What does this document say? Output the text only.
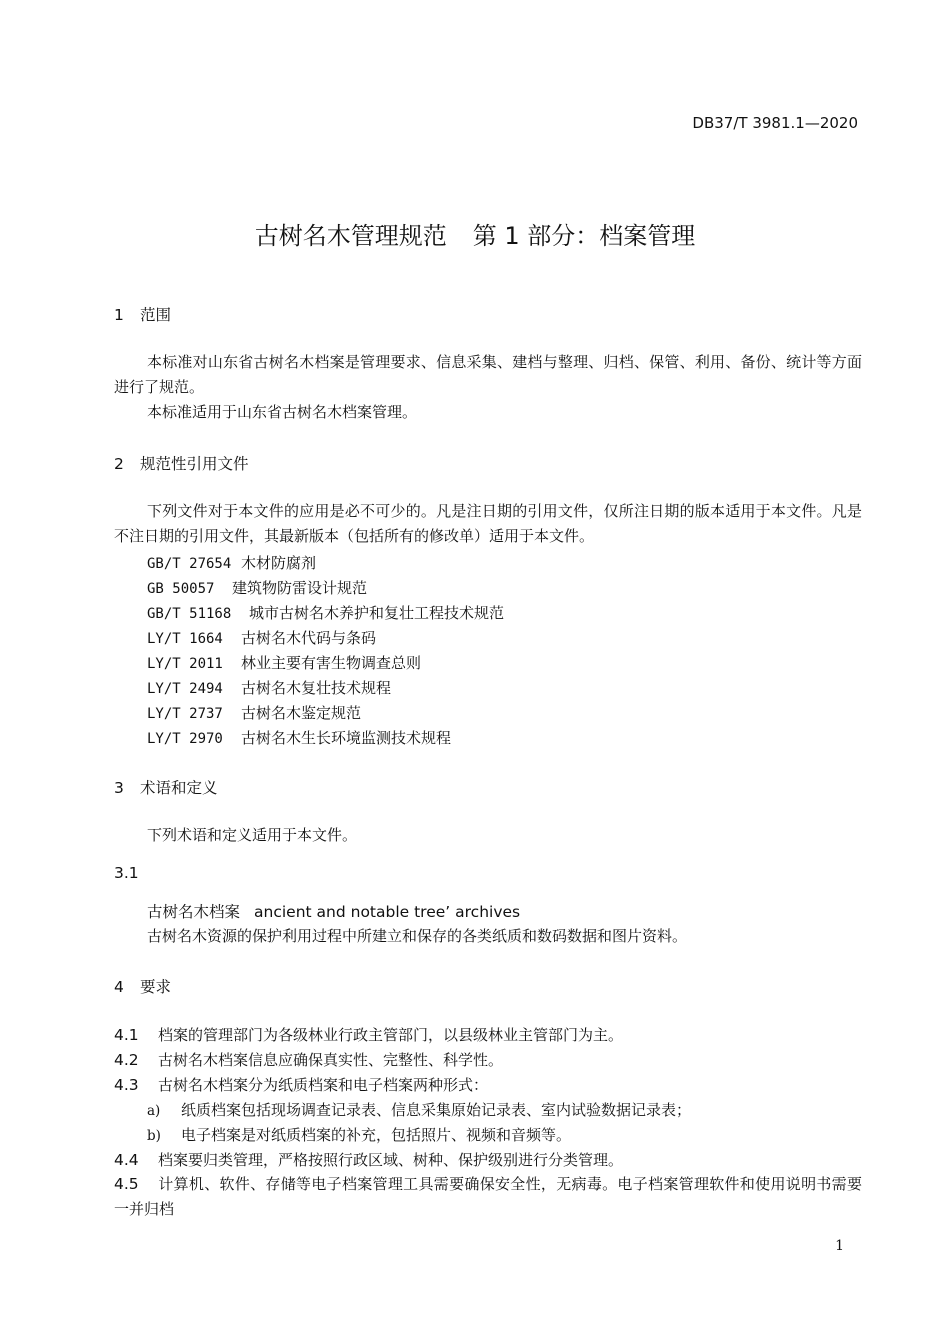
DB37/T 3981.1—2020
古树名木管理规范 第 1 部分：档案管理
1 范围
本标准对山东省古树名木档案是管理要求、信息采集、建档与整理、归档、保管、利用、备份、统计等方面进行了规范。
本标准适用于山东省古树名木档案管理。
2 规范性引用文件
下列文件对于本文件的应用是必不可少的。凡是注日期的引用文件，仅所注日期的版本适用于本文件。凡是不注日期的引用文件，其最新版本（包括所有的修改单）适用于本文件。
GB/T 27654 木材防腐剂
GB 50057 建筑物防雷设计规范
GB/T 51168 城市古树名木养护和复壮工程技术规范
LY/T 1664 古树名木代码与条码
LY/T 2011 林业主要有害生物调查总则
LY/T 2494 古树名木复壮技术规程
LY/T 2737 古树名木鉴定规范
LY/T 2970 古树名木生长环境监测技术规程
3 术语和定义
下列术语和定义适用于本文件。
3.1
古树名木档案 ancient and notable tree’ archives
古树名木资源的保护利用过程中所建立和保存的各类纸质和数码数据和图片资料。
4 要求
4.1 档案的管理部门为各级林业行政主管部门，以县级林业主管部门为主。
4.2 古树名木档案信息应确保真实性、完整性、科学性。
4.3 古树名木档案分为纸质档案和电子档案两种形式：
a) 纸质档案包括现场调查记录表、信息采集原始记录表、室内试验数据记录表；
b) 电子档案是对纸质档案的补充，包括照片、视频和音频等。
4.4 档案要归类管理，严格按照行政区域、树种、保护级别进行分类管理。
4.5 计算机、软件、存储等电子档案管理工具需要确保安全性，无病毒。电子档案管理软件和使用说明书需要一并归档
1
